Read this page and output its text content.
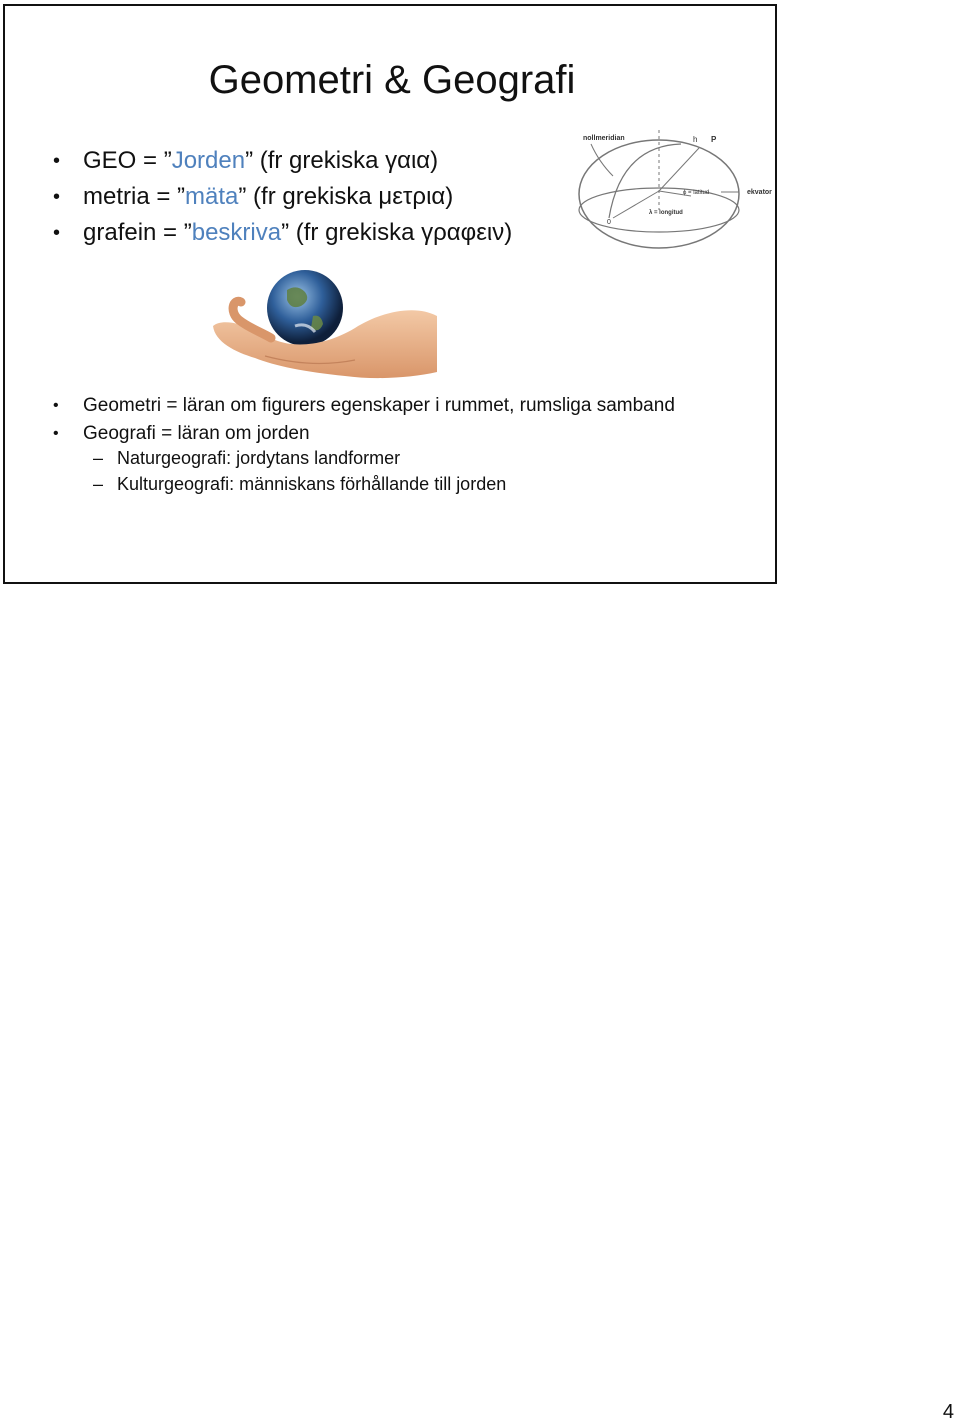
Geometri & Geografi
• GEO = ”Jorden” (fr grekiska γαια)
• metria = ”mäta” (fr grekiska μετρια)
• grafein = ”beskriva” (fr grekiska γραφειν)
nollmeridian	h P
ϕ = latitud	ekvator
λ = longitud
0
• Geometri = läran om figurers egenskaper i rummet, rumsliga samband
• Geografi = läran om jorden
– Naturgeografi: jordytans landformer
– Kulturgeografi: människans förhållande till jorden
4
